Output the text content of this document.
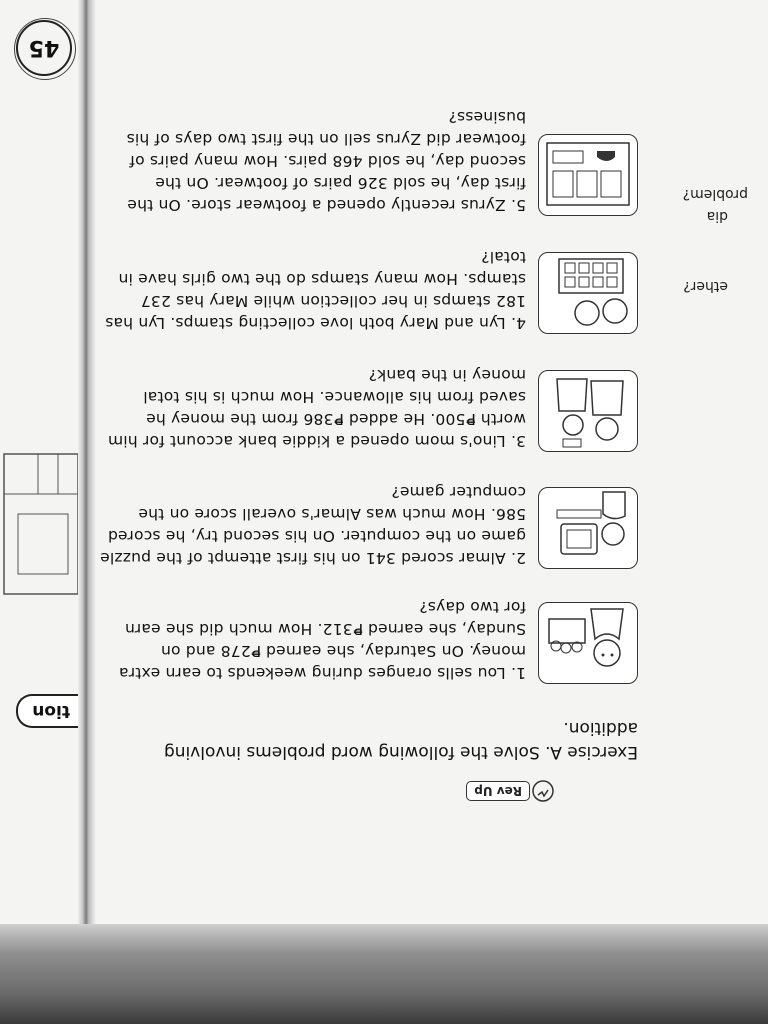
ether?
dia
problem?
Rev Up
Exercise A. Solve the following word problems involving addition.
1. Lou sells oranges during weekends to earn extra money. On Saturday, she earned ₱278 and on Sunday, she earned ₱312. How much did she earn for two days?
2. Almar scored 341 on his first attempt of the puzzle game on the computer. On his second try, he scored 586. How much was Almar's overall score on the computer game?
3. Lino's mom opened a kiddie bank account for him worth ₱500. He added ₱386 from the money he saved from his allowance. How much is his total money in the bank?
4. Lyn and Mary both love collecting stamps. Lyn has 182 stamps in her collection while Mary has 237 stamps. How many stamps do the two girls have in total?
5. Zyrus recently opened a footwear store. On the first day, he sold 326 pairs of footwear. On the second day, he sold 468 pairs. How many pairs of footwear did Zyrus sell on the first two days of his business?
45
tion
